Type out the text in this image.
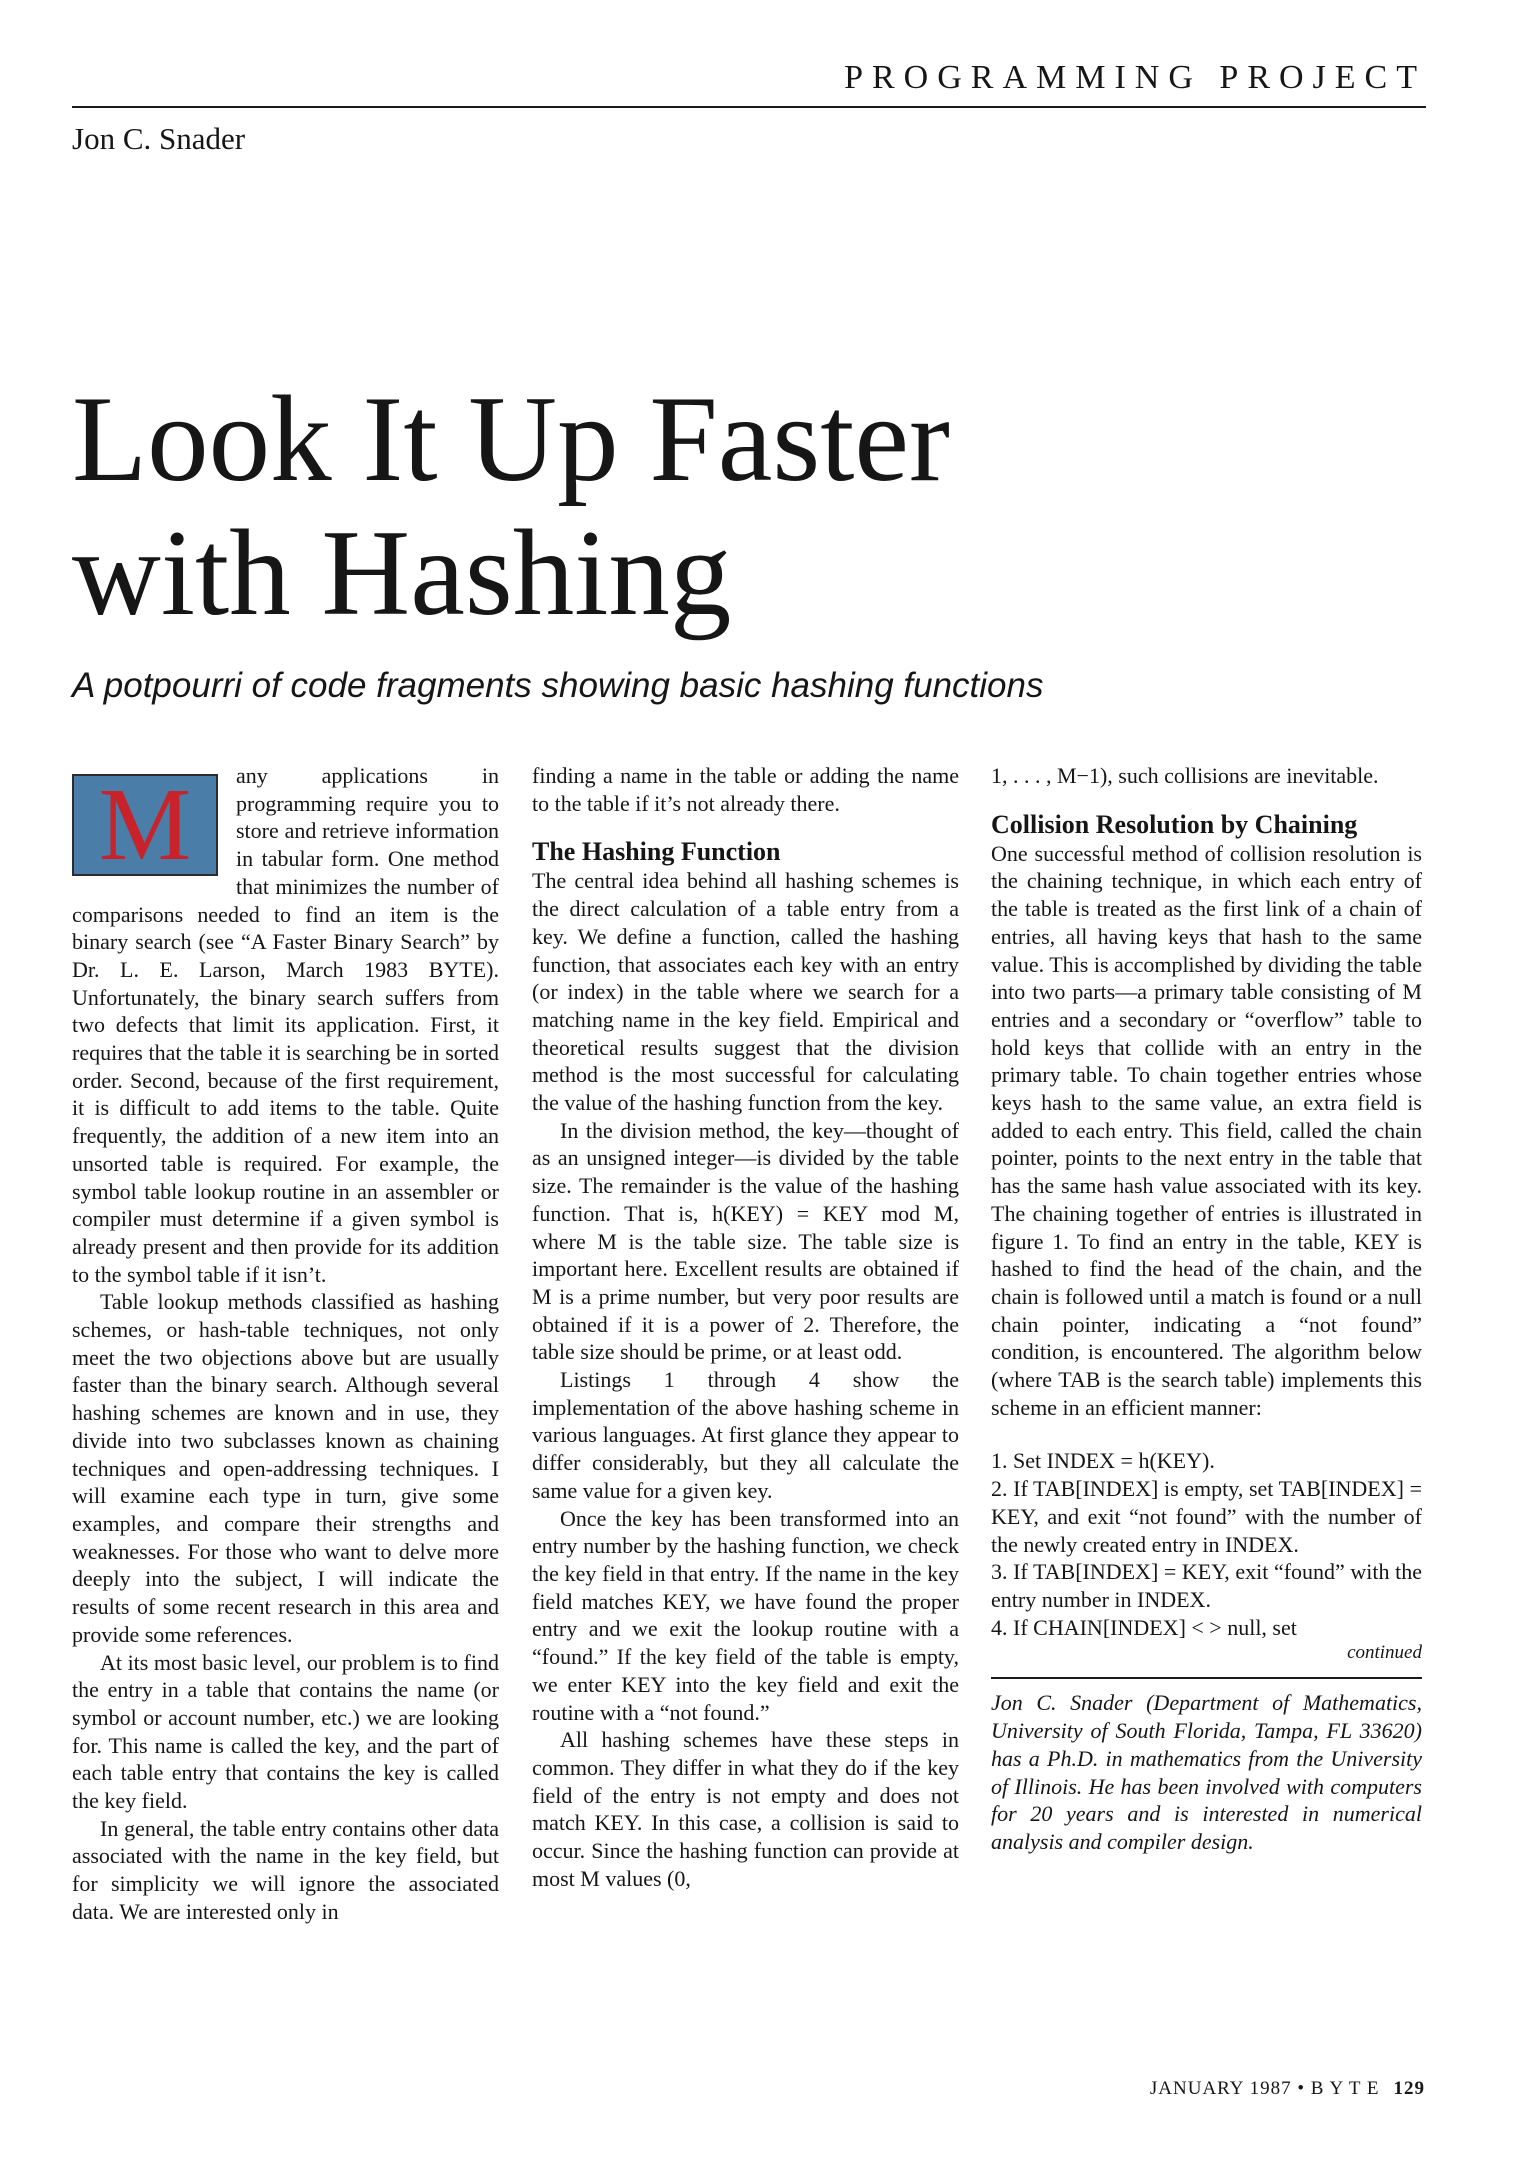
PROGRAMMING PROJECT
Jon C. Snader
Look It Up Faster
with Hashing
A potpourri of code fragments showing basic hashing functions
M	any applications in programming require you to store and retrieve information in tabular form. One method that minimizes the number of comparisons needed to find an item is the binary search (see “A Faster Binary Search” by Dr. L. E. Larson, March 1983 BYTE). Unfortunately, the binary search suffers from two defects that limit its application. First, it requires that the table it is searching be in sorted order. Second, because of the first requirement, it is difficult to add items to the table. Quite frequently, the addition of a new item into an unsorted table is required. For example, the symbol table lookup routine in an assembler or compiler must determine if a given symbol is already present and then provide for its addition to the symbol table if it isn’t.

Table lookup methods classified as hashing schemes, or hash-table techniques, not only meet the two objections above but are usually faster than the binary search. Although several hashing schemes are known and in use, they divide into two subclasses known as chaining techniques and open-addressing techniques. I will examine each type in turn, give some examples, and compare their strengths and weaknesses. For those who want to delve more deeply into the subject, I will indicate the results of some recent research in this area and provide some references.

At its most basic level, our problem is to find the entry in a table that contains the name (or symbol or account number, etc.) we are looking for. This name is called the key, and the part of each table entry that contains the key is called the key field.

In general, the table entry contains other data associated with the name in the key field, but for simplicity we will ignore the associated data. We are interested only in

finding a name in the table or adding the name to the table if it’s not already there.

The Hashing Function

The central idea behind all hashing schemes is the direct calculation of a table entry from a key. We define a function, called the hashing function, that associates each key with an entry (or index) in the table where we search for a matching name in the key field. Empirical and theoretical results suggest that the division method is the most successful for calculating the value of the hashing function from the key.

In the division method, the key—thought of as an unsigned integer—is divided by the table size. The remainder is the value of the hashing function. That is, h(KEY) = KEY mod M, where M is the table size. The table size is important here. Excellent results are obtained if M is a prime number, but very poor results are obtained if it is a power of 2. Therefore, the table size should be prime, or at least odd.

Listings 1 through 4 show the implementation of the above hashing scheme in various languages. At first glance they appear to differ considerably, but they all calculate the same value for a given key.

Once the key has been transformed into an entry number by the hashing function, we check the key field in that entry. If the name in the key field matches KEY, we have found the proper entry and we exit the lookup routine with a “found.” If the key field of the table is empty, we enter KEY into the key field and exit the routine with a “not found.”

All hashing schemes have these steps in common. They differ in what they do if the key field of the entry is not empty and does not match KEY. In this case, a collision is said to occur. Since the hashing function can provide at most M values (0,

1, . . . , M−1), such collisions are inevitable.

Collision Resolution by Chaining

One successful method of collision resolution is the chaining technique, in which each entry of the table is treated as the first link of a chain of entries, all having keys that hash to the same value. This is accomplished by dividing the table into two parts—a primary table consisting of M entries and a secondary or “overflow” table to hold keys that collide with an entry in the primary table. To chain together entries whose keys hash to the same value, an extra field is added to each entry. This field, called the chain pointer, points to the next entry in the table that has the same hash value associated with its key. The chaining together of entries is illustrated in figure 1. To find an entry in the table, KEY is hashed to find the head of the chain, and the chain is followed until a match is found or a null chain pointer, indicating a “not found” condition, is encountered. The algorithm below (where TAB is the search table) implements this scheme in an efficient manner:

1. Set INDEX = h(KEY).

2. If TAB[INDEX] is empty, set TAB[INDEX] = KEY, and exit “not found” with the number of the newly created entry in INDEX.

3. If TAB[INDEX] = KEY, exit “found” with the entry number in INDEX.

4. If CHAIN[INDEX] < > null, set

continued

Jon C. Snader (Department of Mathematics, University of South Florida, Tampa, FL 33620) has a Ph.D. in mathematics from the University of Illinois. He has been involved with computers for 20 years and is interested in numerical analysis and compiler design.

JANUARY 1987 • B Y T E 129
